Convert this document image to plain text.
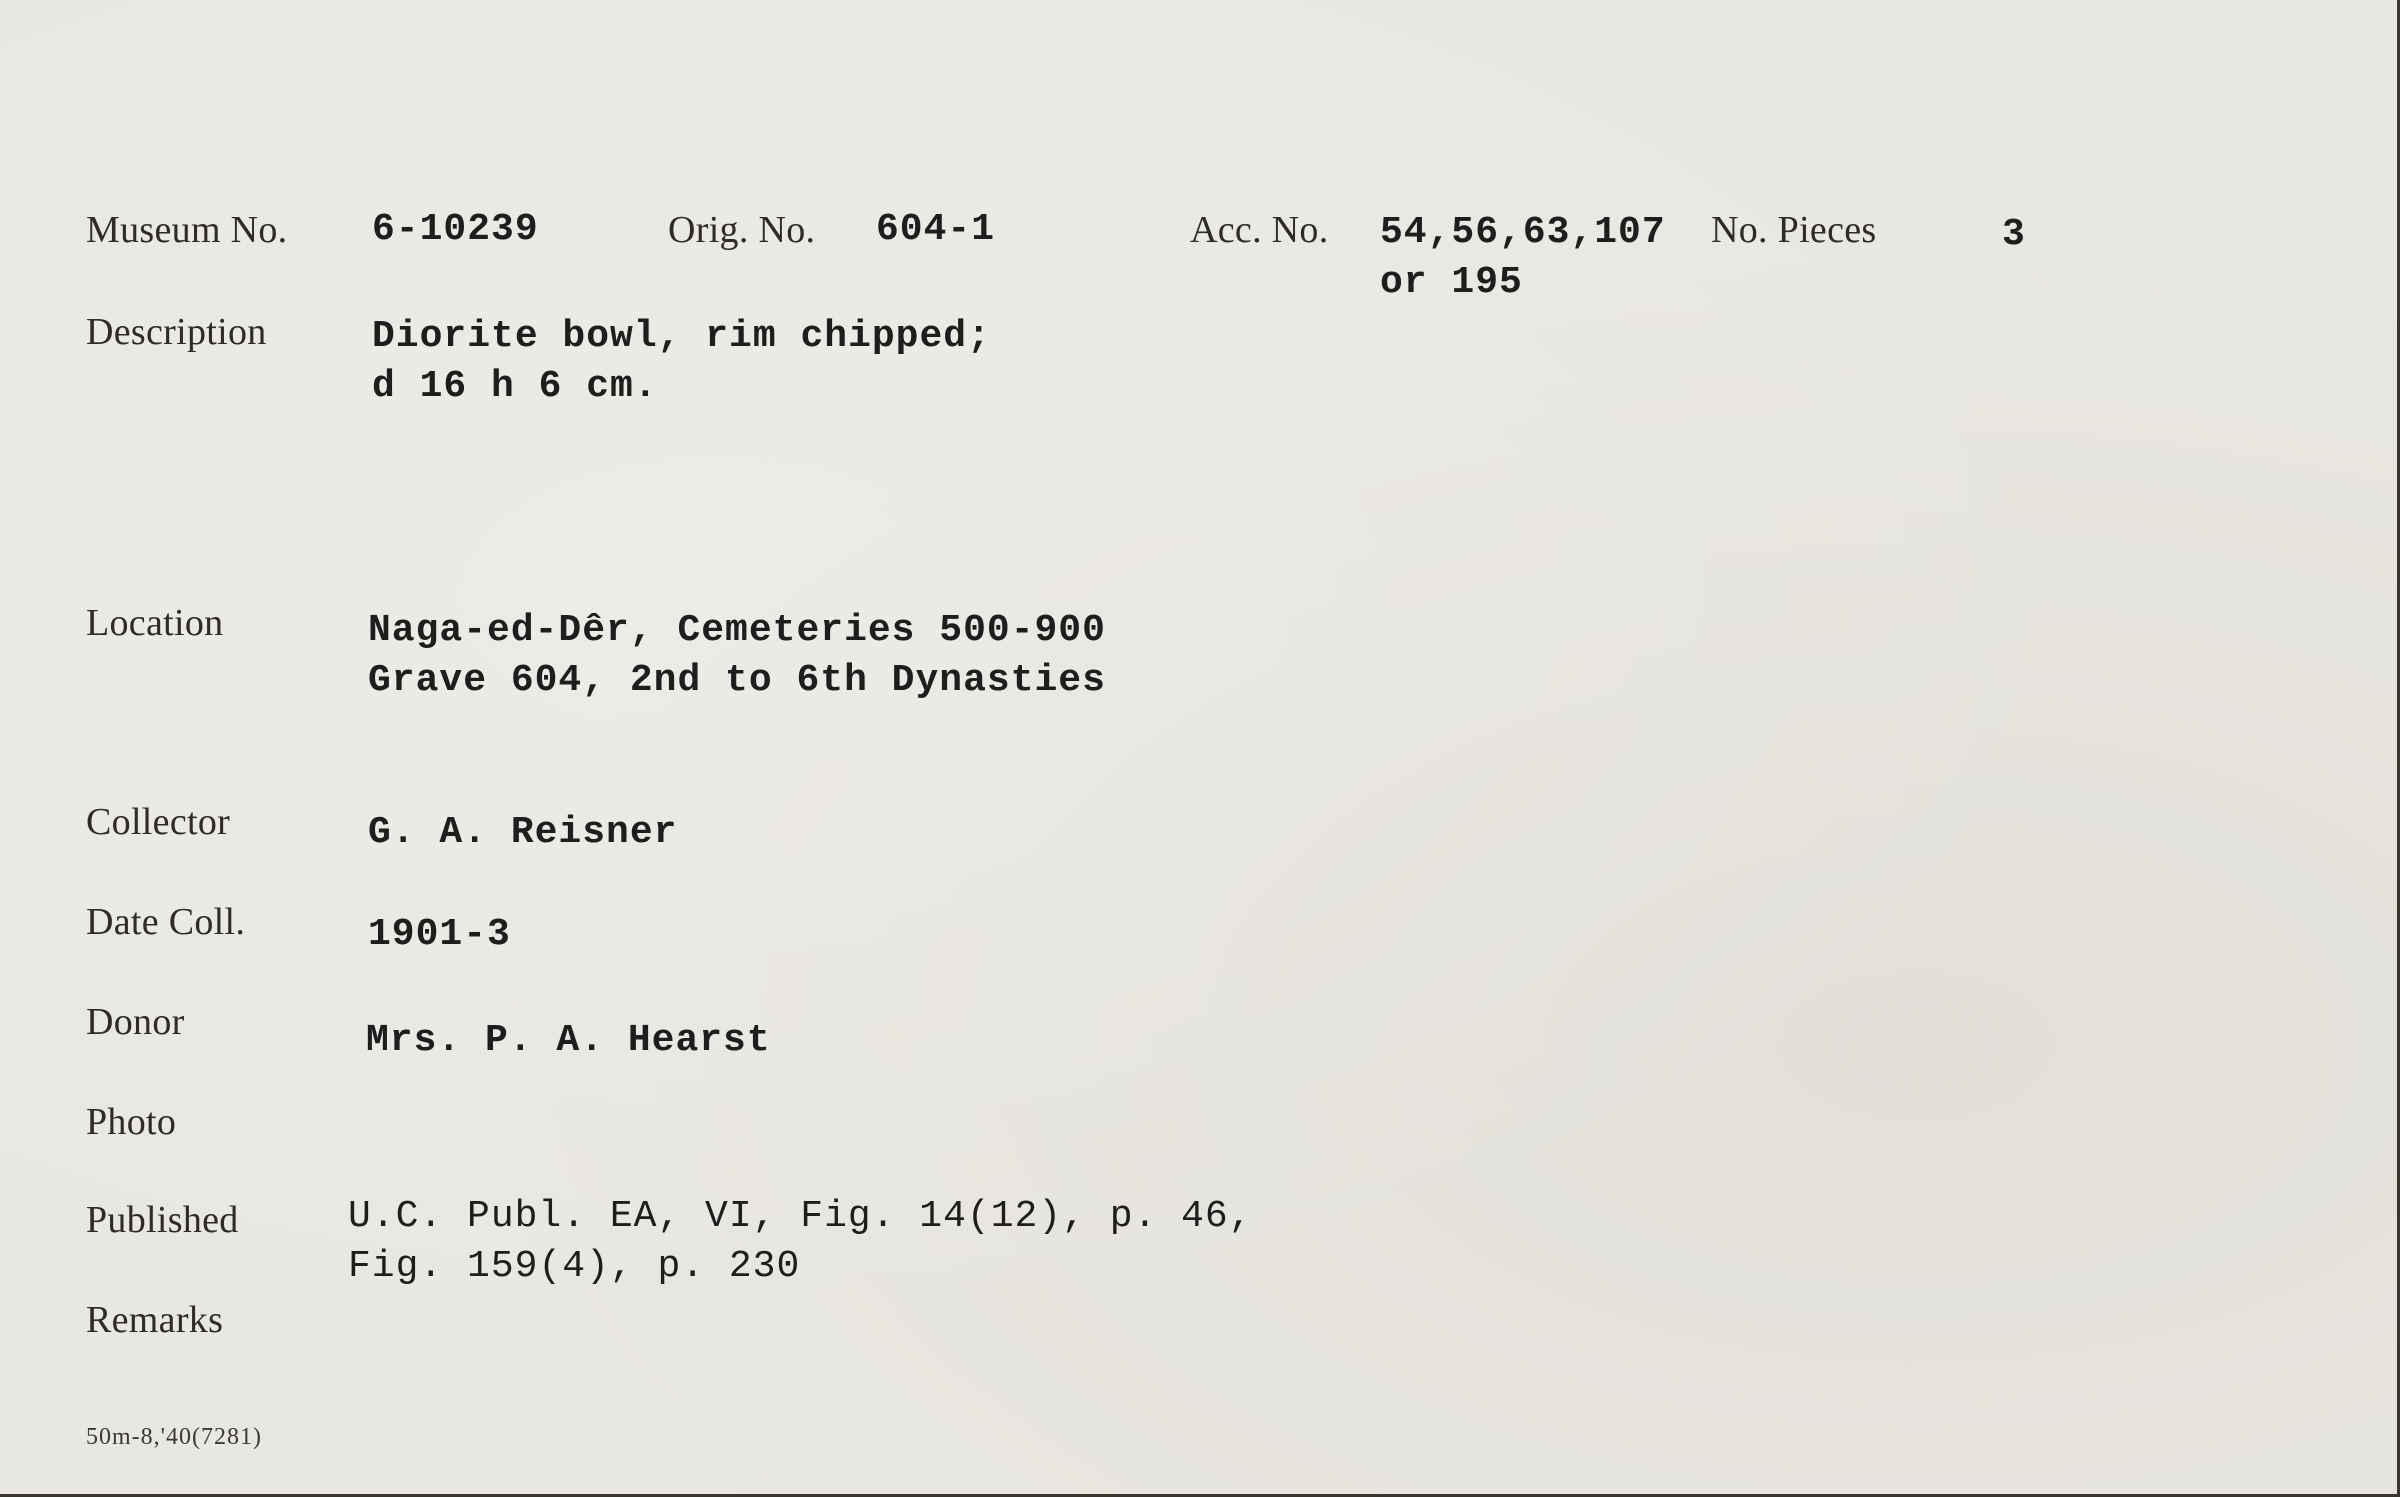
Museum No. 6-10239	Orig. No. 604-1	Acc. No. 54,56,63,107
or 195
No. Pieces	3
Description	Diorite bowl, rim chipped;
d 16 h 6 cm.
Location	Naga-ed-Dêr, Cemeteries 500-900
Grave 604, 2nd to 6th Dynasties
Collector	G. A. Reisner
Date Coll.	1901-3
Donor	Mrs. P. A. Hearst
Photo
Published	U.C. Publ. EA, VI, Fig. 14(12), p. 46,
Fig. 159(4), p. 230
Remarks
50m-8,'40(7281)
